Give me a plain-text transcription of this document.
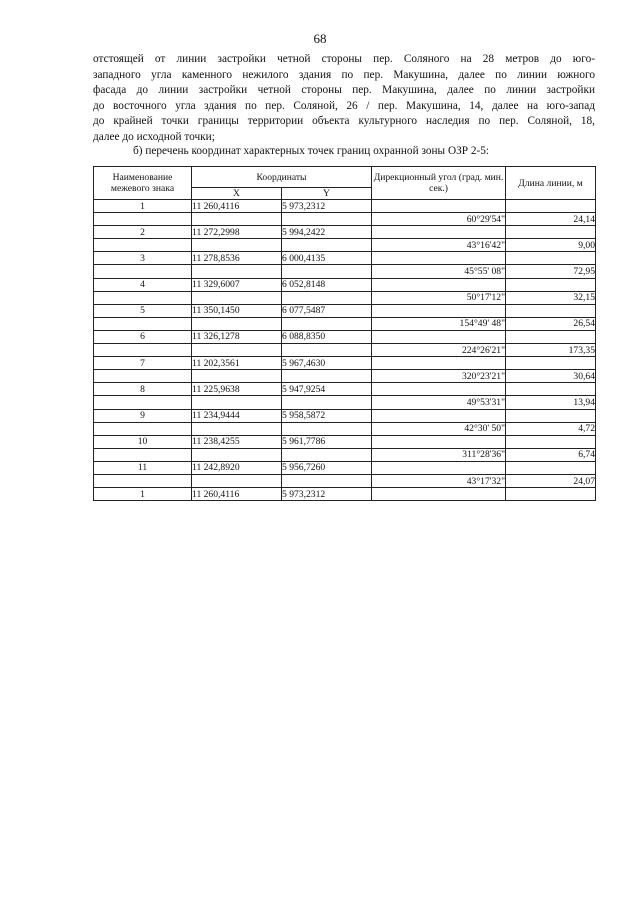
68

отстоящей от линии застройки четной стороны пер. Соляного на 28 метров до юго-

западного угла каменного нежилого здания по пер. Макушина, далее по линии южного

фасада до линии застройки четной стороны пер. Макушина, далее по линии застройки

до восточного угла здания по пер. Соляной, 26 / пер. Макушина, 14, далее на юго-запад

до крайней точки границы территории объекта культурного наследия по пер. Соляной, 18,

далее до исходной точки;

б) перечень координат характерных точек границ охранной зоны ОЗР 2-5:
Наименование межевого знака	Координаты		Дирекционный угол (град. мин. сек.)	Длина линии, м
	X	Y		
1	11 260,4116	5 973,2312		
			60°29'54"	24,14
2	11 272,2998	5 994,2422		
			43°16'42"	9,00
3	11 278,8536	6 000,4135		
			45°55' 08"	72,95
4	11 329,6007	6 052,8148		
			50°17'12"	32,15
5	11 350,1450	6 077,5487		
			154°49' 48"	26,54
6	11 326,1278	6 088,8350		
			224°26'21"	173,35
7	11 202,3561	5 967,4630		
			320°23'21"	30,64
8	11 225,9638	5 947,9254		
			49°53'31"	13,94
9	11 234,9444	5 958,5872		
			42°30' 50"	4,72
10	11 238,4255	5 961,7786		
			311°28'36"	6,74
11	11 242,8920	5 956,7260		
			43°17'32"	24,07
1	11 260,4116	5 973,2312		
